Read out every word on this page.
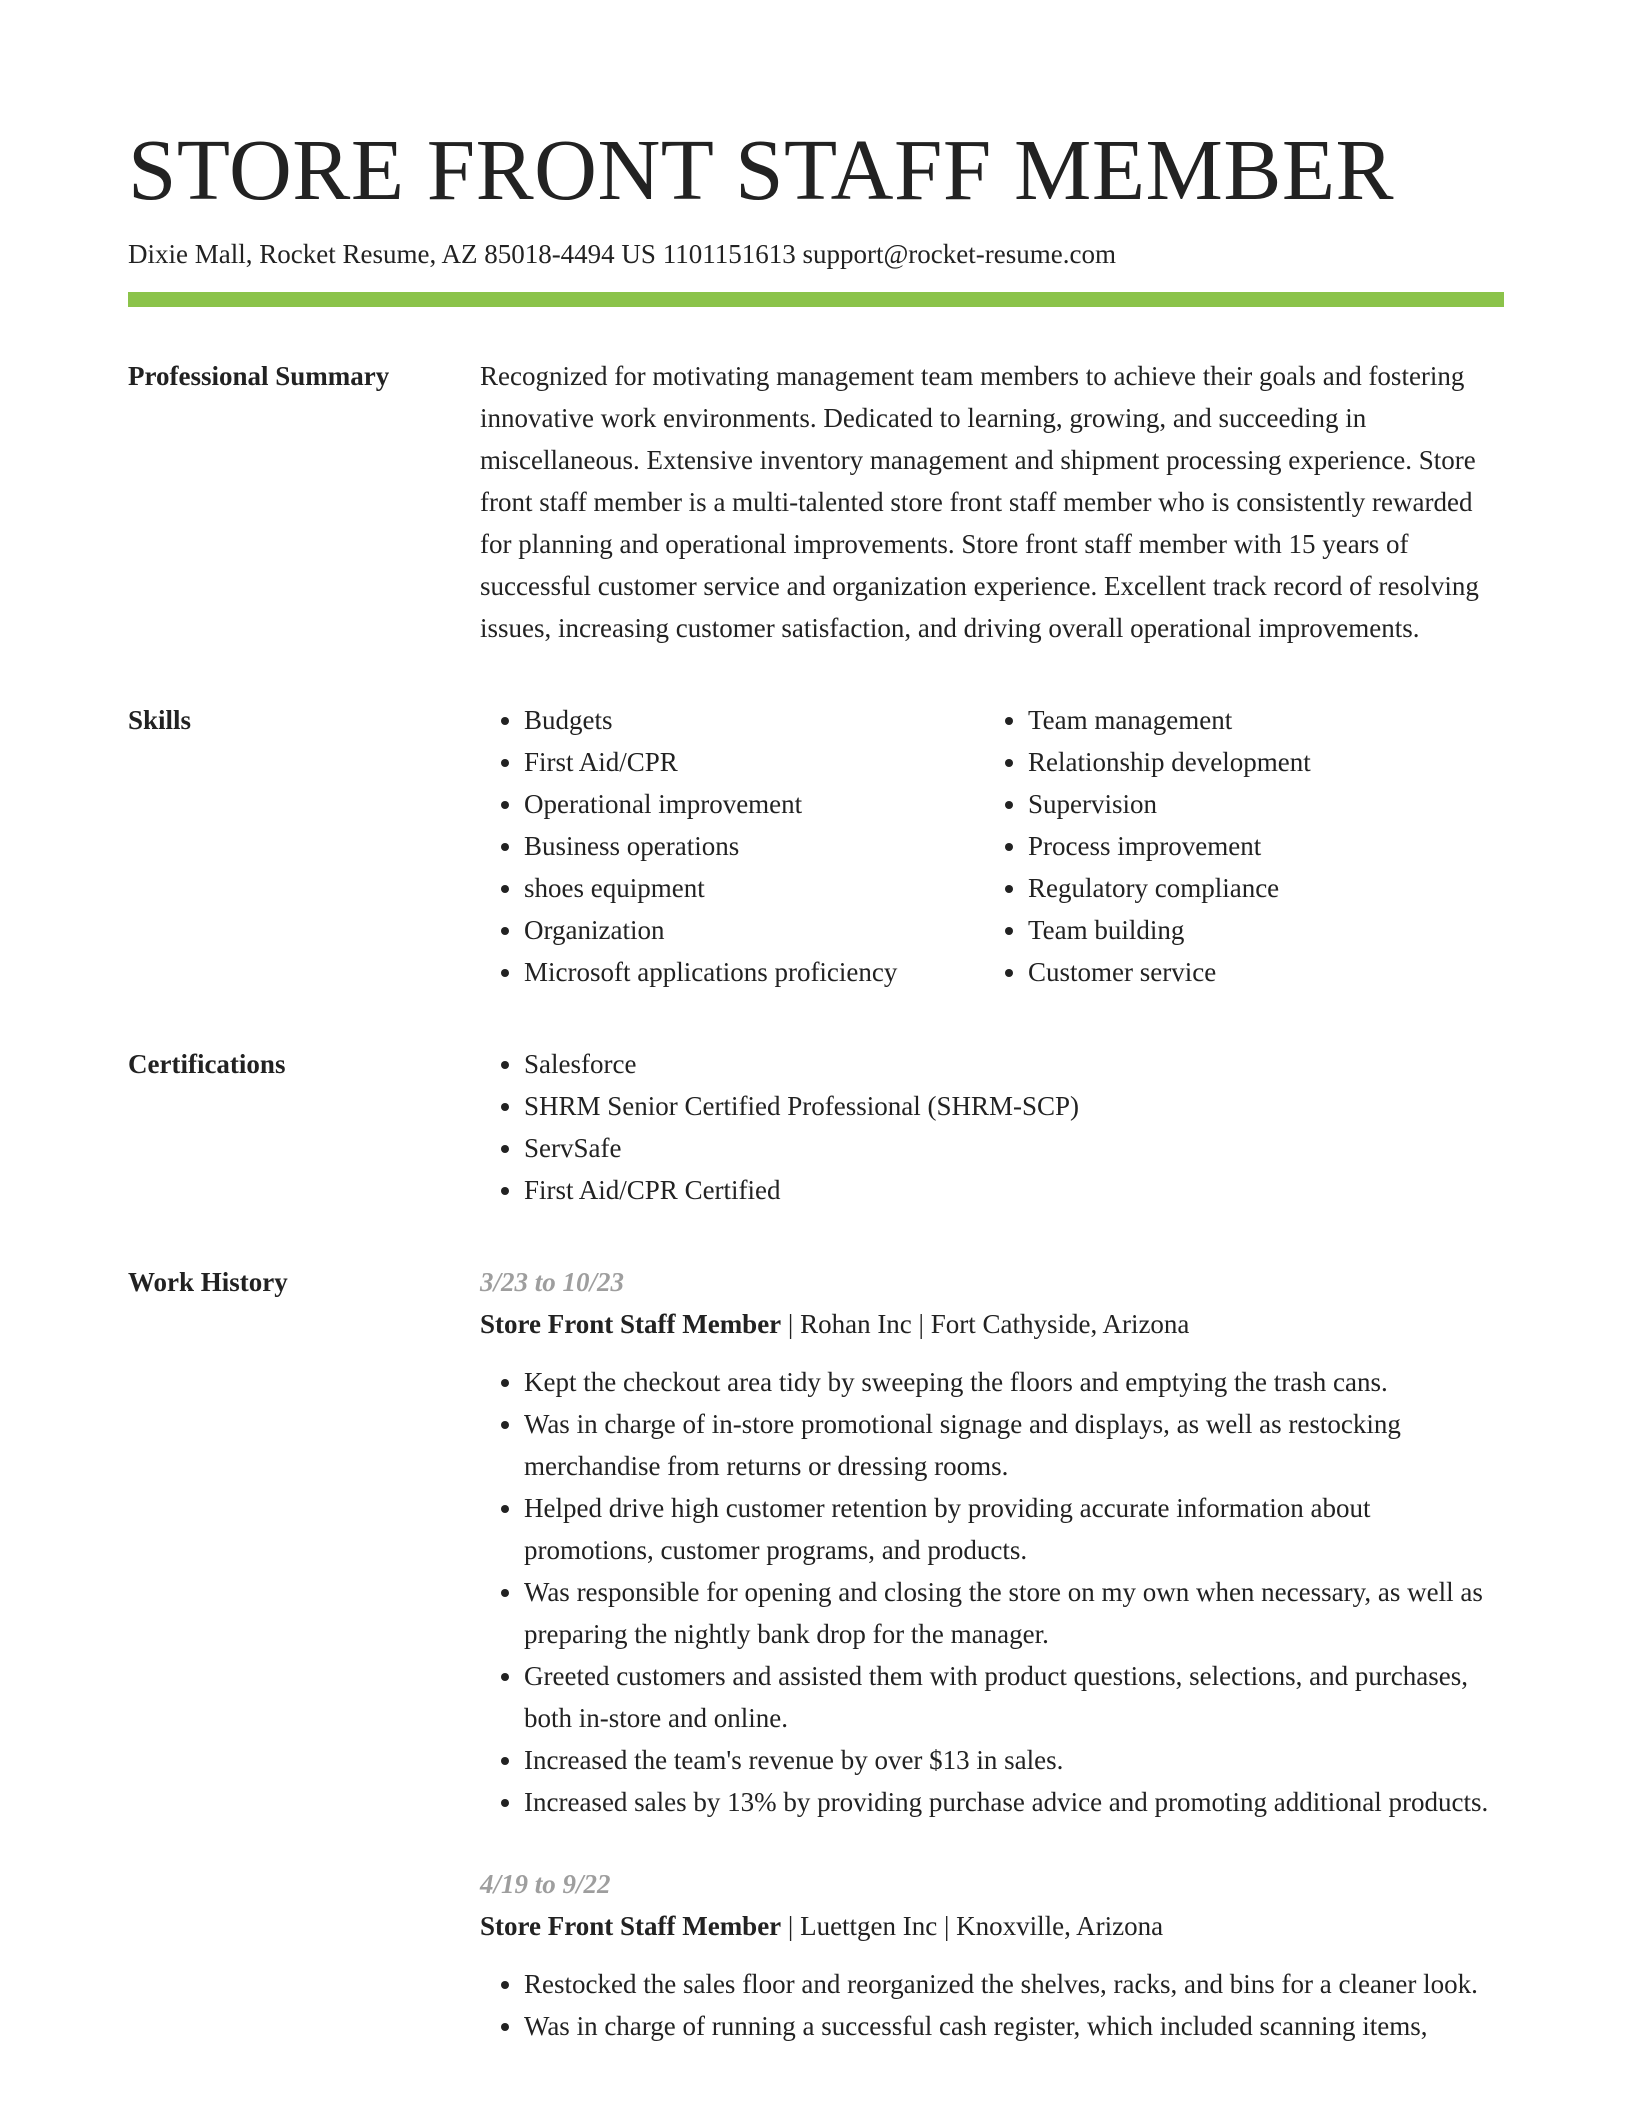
STORE FRONT STAFF MEMBER
Dixie Mall, Rocket Resume, AZ 85018-4494 US 1101151613 support@rocket-resume.com
Professional Summary	Recognized for motivating management team members to achieve their goals and fostering innovative work environments. Dedicated to learning, growing, and succeeding in miscellaneous. Extensive inventory management and shipment processing experience. Store front staff member is a multi-talented store front staff member who is consistently rewarded for planning and operational improvements. Store front staff member with 15 years of successful customer service and organization experience. Excellent track record of resolving issues, increasing customer satisfaction, and driving overall operational improvements.

Skills	• Budgets
• First Aid/CPR
• Operational improvement
• Business operations
• shoes equipment
• Organization
• Microsoft applications proficiency
• Team management
• Relationship development
• Supervision
• Process improvement
• Regulatory compliance
• Team building
• Customer service
Certifications	• Salesforce
• SHRM Senior Certified Professional (SHRM-SCP)
• ServSafe
• First Aid/CPR Certified
Work History	3/23 to 10/23
Store Front Staff Member | Rohan Inc | Fort Cathyside, Arizona
• Kept the checkout area tidy by sweeping the floors and emptying the trash cans.
• Was in charge of in-store promotional signage and displays, as well as restocking merchandise from returns or dressing rooms.
• Helped drive high customer retention by providing accurate information about promotions, customer programs, and products.
• Was responsible for opening and closing the store on my own when necessary, as well as preparing the nightly bank drop for the manager.
• Greeted customers and assisted them with product questions, selections, and purchases, both in-store and online.
• Increased the team's revenue by over $13 in sales.
• Increased sales by 13% by providing purchase advice and promoting additional products.
4/19 to 9/22
Store Front Staff Member | Luettgen Inc | Knoxville, Arizona
• Restocked the sales floor and reorganized the shelves, racks, and bins for a cleaner look.
• Was in charge of running a successful cash register, which included scanning items,
